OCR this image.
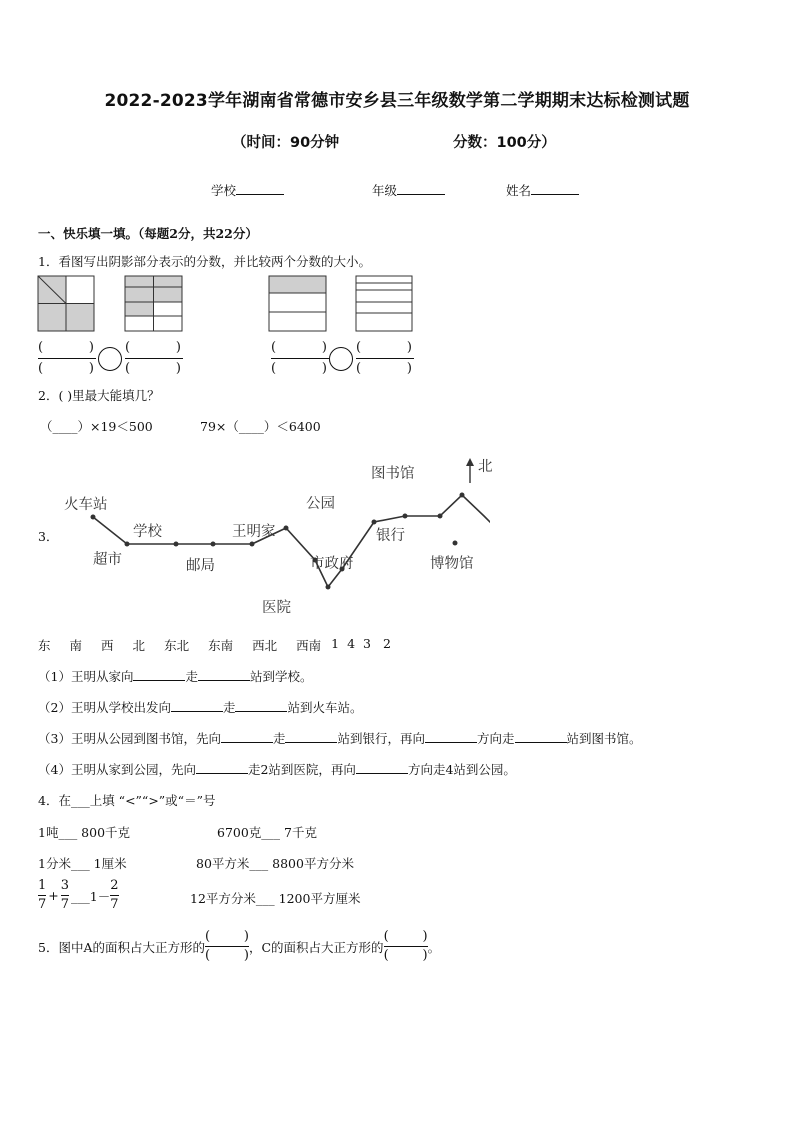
2022-2023学年湖南省常德市安乡县三年级数学第二学期期末达标检测试题
（时间：90分钟	分数：100分）
学校	年级	姓名
一、快乐填一填。（每题2分，共22分）
1．看图写出阴影部分表示的分数，并比较两个分数的大小。
(	)
(	)
(	)
(	)
(	)
(	)
(	)
(	)
2．( )里最大能填几？
（____）×19＜500	79×（____）＜6400
3．
火车站
超市
学校
邮局
王明家
医院
市政府
公园
图书馆
银行
博物馆
北
东 南 西 北 东北 东南 西北 西南 1 4 3 2
（1）王明从家向	走	站到学校。
（2）王明从学校出发向	走	站到火车站。
（3）王明从公园到图书馆，先向	走	站到银行，再向	方向走	站到图书馆。
（4）王明从家到公园，先向	走2站到医院，再向	方向走4站到公园。
4．在___上填 “<”“>”或“＝”号
1吨___ 800千克	6700克___ 7千克
1分米___ 1厘米	80平方米___ 8800平方分米
1
7
+
3
7
___1－
2
7	12平方分米___ 1200平方厘米
5．图中A的面积占大正方形的
(	)
(	)
，C的面积占大正方形的
(	)
(	)
。
